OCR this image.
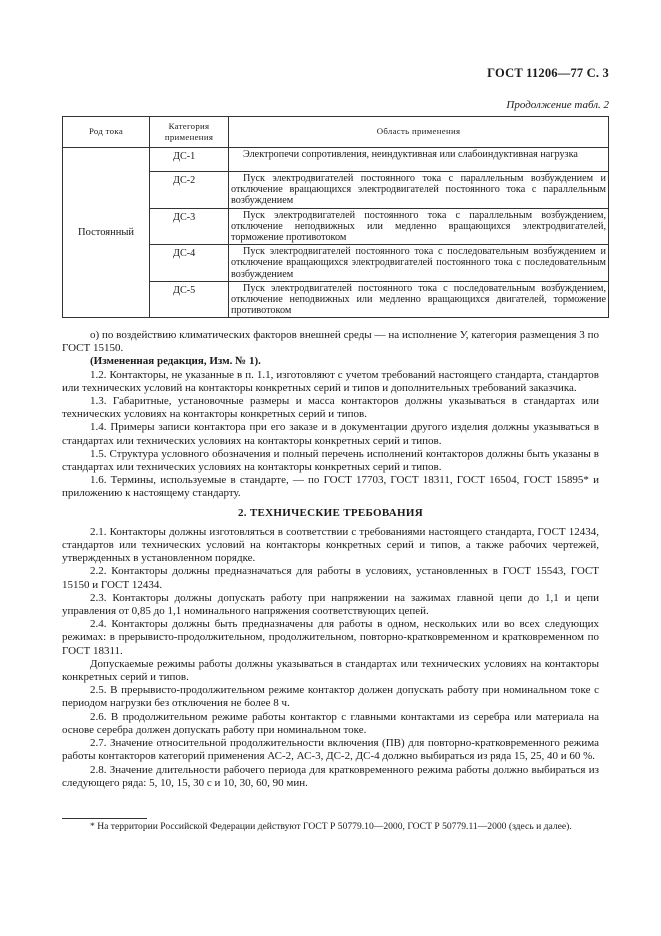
ГОСТ 11206—77 С. 3
Продолжение табл. 2
Род тока	Категория применения	Область применения
Постоянный	ДС-1	Электропечи сопротивления, неиндуктивная или слабоиндуктивная нагрузка
	ДС-2	Пуск электродвигателей постоянного тока с параллельным возбуждением и отключение вращающихся электродвигателей постоянного тока с параллельным возбуждением
	ДС-3	Пуск электродвигателей постоянного тока с параллельным возбуждением, отключение неподвижных или медленно вращающихся электродвигателей, торможение противотоком
	ДС-4	Пуск электродвигателей постоянного тока с последовательным возбуждением и отключение вращающихся электродвигателей постоянного тока с последовательным возбуждением
	ДС-5	Пуск электродвигателей постоянного тока с последовательным возбуждением, отключение неподвижных или медленно вращающихся двигателей, торможение противотоком

о) по воздействию климатических факторов внешней среды — на исполнение У, категория размещения 3 по ГОСТ 15150.

(Измененная редакция, Изм. № 1).

1.2. Контакторы, не указанные в п. 1.1, изготовляют с учетом требований настоящего стандарта, стандартов или технических условий на контакторы конкретных серий и типов и дополнительных требований заказчика.

1.3. Габаритные, установочные размеры и масса контакторов должны указываться в стандартах или технических условиях на контакторы конкретных серий и типов.

1.4. Примеры записи контактора при его заказе и в документации другого изделия должны указываться в стандартах или технических условиях на контакторы конкретных серий и типов.

1.5. Структура условного обозначения и полный перечень исполнений контакторов должны быть указаны в стандартах или технических условиях на контакторы конкретных серий и типов.

1.6. Термины, используемые в стандарте, — по ГОСТ 17703, ГОСТ 18311, ГОСТ 16504, ГОСТ 15895* и приложению к настоящему стандарту.

2. ТЕХНИЧЕСКИЕ ТРЕБОВАНИЯ

2.1. Контакторы должны изготовляться в соответствии с требованиями настоящего стандарта, ГОСТ 12434, стандартов или технических условий на контакторы конкретных серий и типов, а также рабочих чертежей, утвержденных в установленном порядке.

2.2. Контакторы должны предназначаться для работы в условиях, установленных в ГОСТ 15543, ГОСТ 15150 и ГОСТ 12434.

2.3. Контакторы должны допускать работу при напряжении на зажимах главной цепи до 1,1 и цепи управления от 0,85 до 1,1 номинального напряжения соответствующих цепей.

2.4. Контакторы должны быть предназначены для работы в одном, нескольких или во всех следующих режимах: в прерывисто-продолжительном, продолжительном, повторно-кратковременном и кратковременном по ГОСТ 18311.

Допускаемые режимы работы должны указываться в стандартах или технических условиях на контакторы конкретных серий и типов.

2.5. В прерывисто-продолжительном режиме контактор должен допускать работу при номинальном токе с периодом нагрузки без отключения не более 8 ч.

2.6. В продолжительном режиме работы контактор с главными контактами из серебра или материала на основе серебра должен допускать работу при номинальном токе.

2.7. Значение относительной продолжительности включения (ПВ) для повторно-кратковременного режима работы контакторов категорий применения АС-2, АС-3, ДС-2, ДС-4 должно выбираться из ряда 15, 25, 40 и 60 %.

2.8. Значение длительности рабочего периода для кратковременного режима работы должно выбираться из следующего ряда: 5, 10, 15, 30 с и 10, 30, 60, 90 мин.

* На территории Российской Федерации действуют ГОСТ Р 50779.10—2000, ГОСТ Р 50779.11—2000 (здесь и далее).
